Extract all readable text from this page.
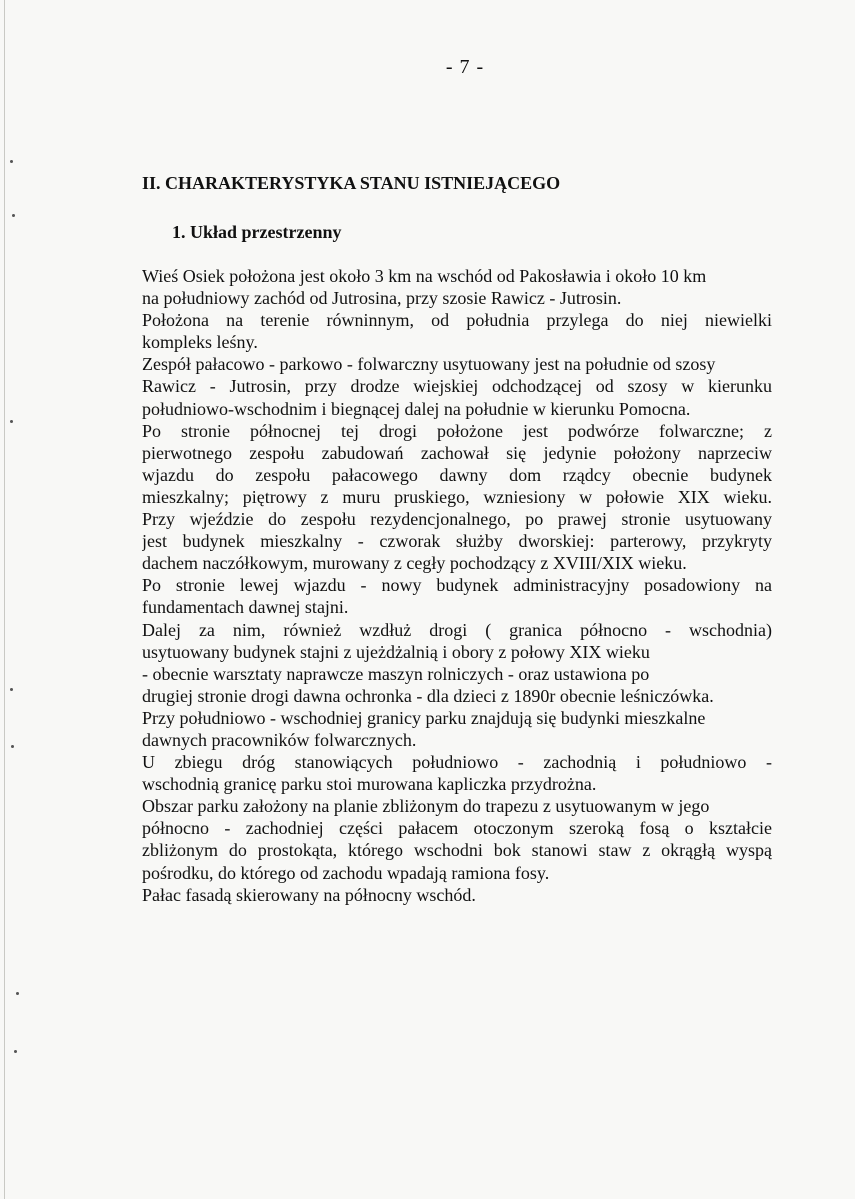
- 7 -
II. CHARAKTERYSTYKA STANU ISTNIEJĄCEGO
1. Układ przestrzenny
Wieś Osiek położona jest około 3 km na wschód od Pakosławia i około 10 km
na południowy zachód od Jutrosina, przy szosie Rawicz - Jutrosin.
Położona na terenie równinnym, od południa przylega do niej niewielki
kompleks leśny.
Zespół pałacowo - parkowo - folwarczny usytuowany jest na południe od szosy
Rawicz - Jutrosin, przy drodze wiejskiej odchodzącej od szosy w kierunku
południowo-wschodnim i biegnącej dalej na południe w kierunku Pomocna.
Po stronie północnej tej drogi położone jest podwórze folwarczne; z
pierwotnego zespołu zabudowań zachował się jedynie położony naprzeciw
wjazdu do zespołu pałacowego dawny dom rządcy obecnie budynek
mieszkalny; piętrowy z muru pruskiego, wzniesiony w połowie XIX wieku.
Przy wjeździe do zespołu rezydencjonalnego, po prawej stronie usytuowany
jest budynek mieszkalny - czworak służby dworskiej: parterowy, przykryty
dachem naczółkowym, murowany z cegły pochodzący z XVIII/XIX wieku.
Po stronie lewej wjazdu - nowy budynek administracyjny posadowiony na
fundamentach dawnej stajni.
Dalej za nim, również wzdłuż drogi ( granica północno - wschodnia)
usytuowany budynek stajni z ujeżdżalnią i obory z połowy XIX wieku
- obecnie warsztaty naprawcze maszyn rolniczych - oraz ustawiona po
drugiej stronie drogi dawna ochronka - dla dzieci z 1890r obecnie leśniczówka.
Przy południowo - wschodniej granicy parku znajdują się budynki mieszkalne
dawnych pracowników folwarcznych.
U zbiegu dróg stanowiących południowo - zachodnią i południowo -
wschodnią granicę parku stoi murowana kapliczka przydrożna.
Obszar parku założony na planie zbliżonym do trapezu z usytuowanym w jego
północno - zachodniej części pałacem otoczonym szeroką fosą o kształcie
zbliżonym do prostokąta, którego wschodni bok stanowi staw z okrągłą wyspą
pośrodku, do którego od zachodu wpadają ramiona fosy.
Pałac fasadą skierowany na północny wschód.
